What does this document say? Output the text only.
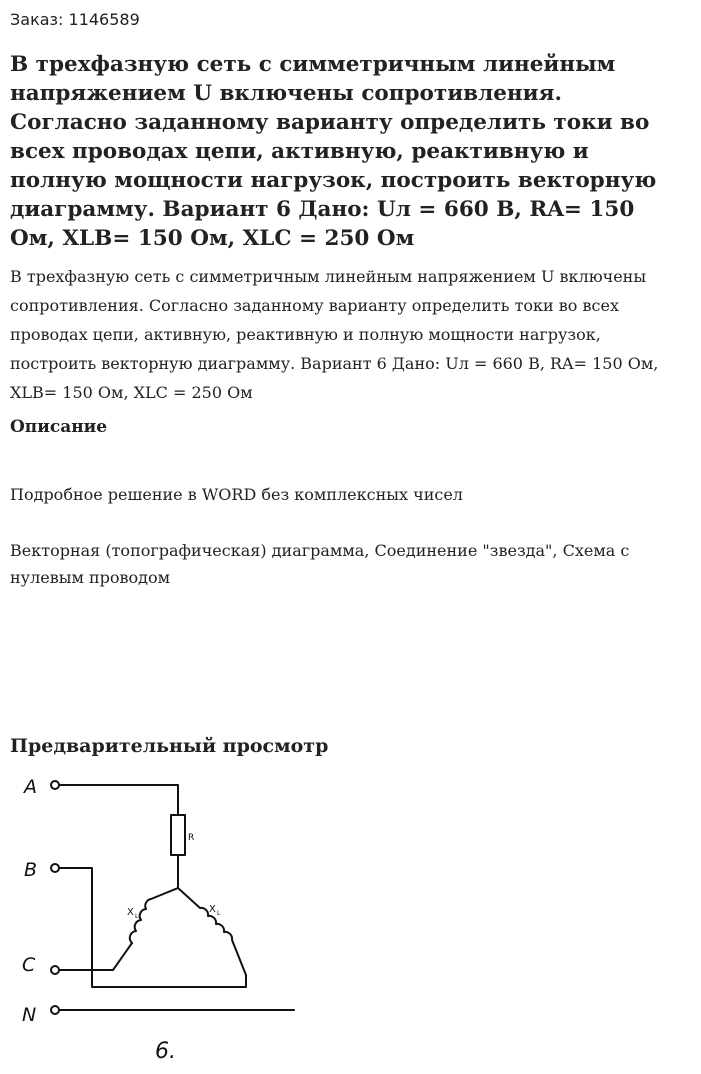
Заказ: 1146589
В трехфазную сеть с симметричным линейным напряжением U включены сопротивления. Согласно заданному варианту определить токи во всех проводах цепи, активную, реактивную и полную мощности нагрузок, построить векторную диаграмму. Вариант 6 Дано: Uл = 660 В, RA= 150 Ом, XLB= 150 Ом, XLC = 250 Ом

В трехфазную сеть с симметричным линейным напряжением U включены сопротивления. Согласно заданному варианту определить токи во всех проводах цепи, активную, реактивную и полную мощности нагрузок, построить векторную диаграмму. Вариант 6 Дано: Uл = 660 В, RA= 150 Ом, XLB= 150 Ом, XLC = 250 Ом

Описание

Подробное решение в WORD без комплексных чисел

Векторная (топографическая) диаграмма, Соединение "звезда", Схема с нулевым проводом

Предварительный просмотр
A
B
C
N
R
X L
X L
6.
